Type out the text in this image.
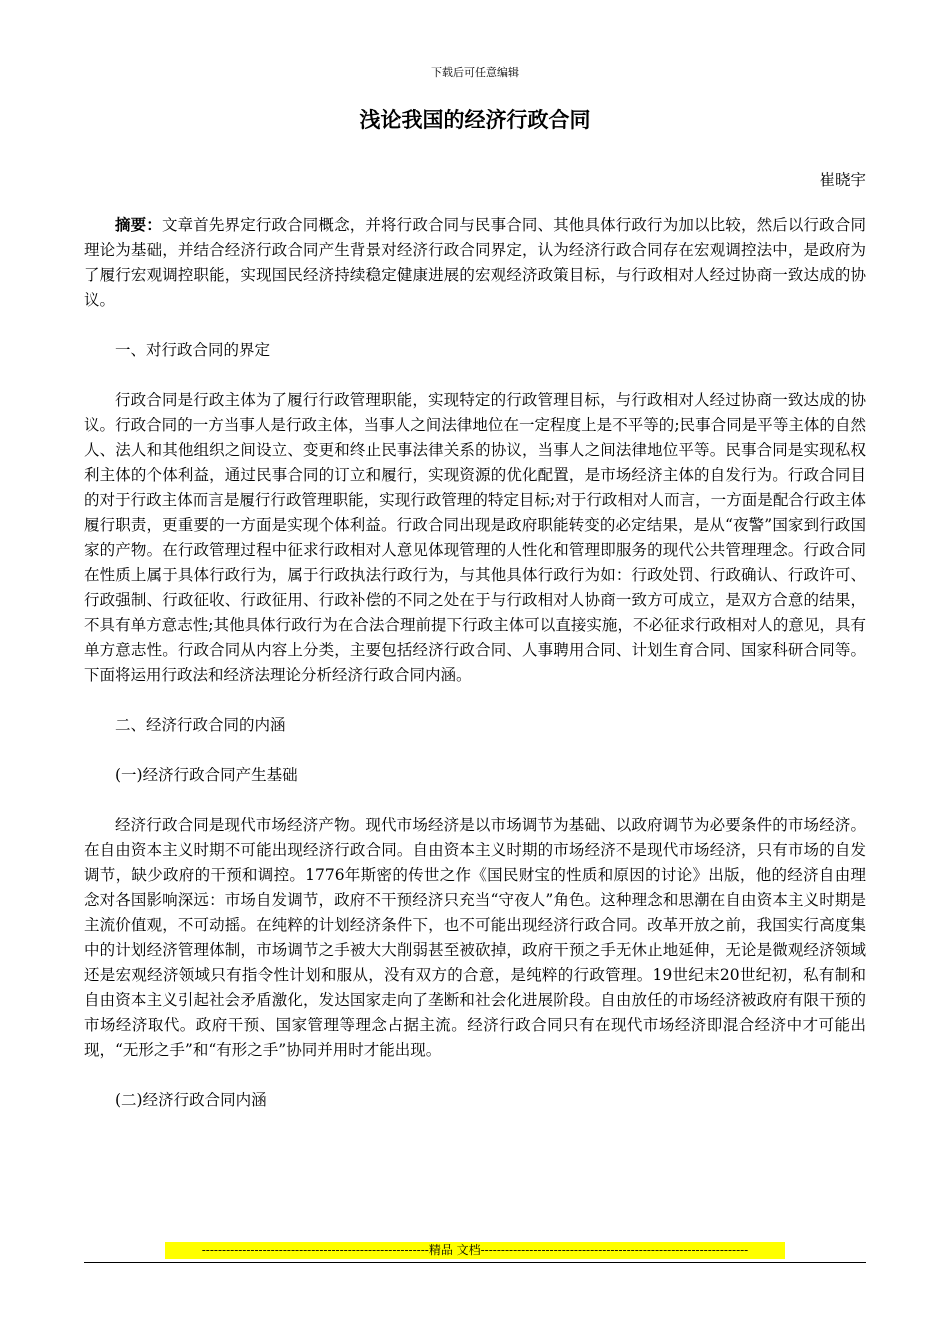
下载后可任意编辑
浅论我国的经济行政合同
崔晓宇

摘要：文章首先界定行政合同概念，并将行政合同与民事合同、其他具体行政行为加以比较，然后以行政合同理论为基础，并结合经济行政合同产生背景对经济行政合同界定，认为经济行政合同存在宏观调控法中，是政府为了履行宏观调控职能，实现国民经济持续稳定健康进展的宏观经济政策目标，与行政相对人经过协商一致达成的协议。

一、对行政合同的界定

行政合同是行政主体为了履行行政管理职能，实现特定的行政管理目标，与行政相对人经过协商一致达成的协议。行政合同的一方当事人是行政主体，当事人之间法律地位在一定程度上是不平等的;民事合同是平等主体的自然人、法人和其他组织之间设立、变更和终止民事法律关系的协议，当事人之间法律地位平等。民事合同是实现私权利主体的个体利益，通过民事合同的订立和履行，实现资源的优化配置，是市场经济主体的自发行为。行政合同目的对于行政主体而言是履行行政管理职能，实现行政管理的特定目标;对于行政相对人而言，一方面是配合行政主体履行职责，更重要的一方面是实现个体利益。行政合同出现是政府职能转变的必定结果，是从“夜警”国家到行政国家的产物。在行政管理过程中征求行政相对人意见体现管理的人性化和管理即服务的现代公共管理理念。行政合同在性质上属于具体行政行为，属于行政执法行政行为，与其他具体行政行为如：行政处罚、行政确认、行政许可、行政强制、行政征收、行政征用、行政补偿的不同之处在于与行政相对人协商一致方可成立，是双方合意的结果，不具有单方意志性;其他具体行政行为在合法合理前提下行政主体可以直接实施，不必征求行政相对人的意见，具有单方意志性。行政合同从内容上分类，主要包括经济行政合同、人事聘用合同、计划生育合同、国家科研合同等。下面将运用行政法和经济法理论分析经济行政合同内涵。

二、经济行政合同的内涵

(一)经济行政合同产生基础

经济行政合同是现代市场经济产物。现代市场经济是以市场调节为基础、以政府调节为必要条件的市场经济。在自由资本主义时期不可能出现经济行政合同。自由资本主义时期的市场经济不是现代市场经济，只有市场的自发调节，缺少政府的干预和调控。1776年斯密的传世之作《国民财宝的性质和原因的讨论》出版，他的经济自由理念对各国影响深远：市场自发调节，政府不干预经济只充当“守夜人”角色。这种理念和思潮在自由资本主义时期是主流价值观，不可动摇。在纯粹的计划经济条件下，也不可能出现经济行政合同。改革开放之前，我国实行高度集中的计划经济管理体制，市场调节之手被大大削弱甚至被砍掉，政府干预之手无休止地延伸，无论是微观经济领域还是宏观经济领域只有指令性计划和服从，没有双方的合意，是纯粹的行政管理。19世纪末20世纪初，私有制和自由资本主义引起社会矛盾激化，发达国家走向了垄断和社会化进展阶段。自由放任的市场经济被政府有限干预的市场经济取代。政府干预、国家管理等理念占据主流。经济行政合同只有在现代市场经济即混合经济中才可能出现，“无形之手”和“有形之手”协同并用时才能出现。

(二)经济行政合同内涵

--------------------------------------------------------精品 文档------------------------------------------------------------------
